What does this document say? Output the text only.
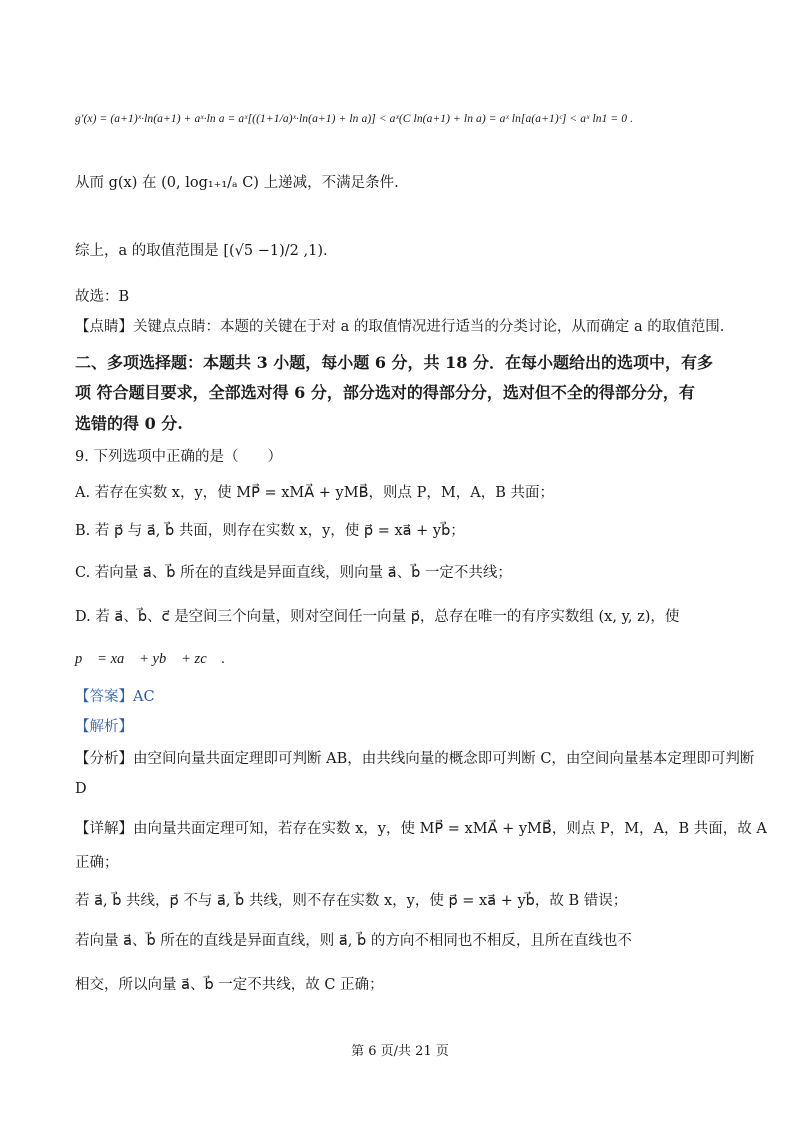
g′(x) = (a+1)ˣ·ln(a+1) + aˣ·ln a = aˣ[((1+1/a)ˣ·ln(a+1) + ln a)] < aˣ(C ln(a+1) + ln a) = aˣ ln[a(a+1)ᶜ] < aˣ ln1 = 0 .
从而 g(x) 在 (0, log₁₊₁/ₐ C) 上递减，不满足条件.
综上，a 的取值范围是 [(√5 −1)/2 ,1).
故选：B
【点睛】关键点点睛：本题的关键在于对 a 的取值情况进行适当的分类讨论，从而确定 a 的取值范围.
二、多项选择题：本题共 3 小题，每小题 6 分，共 18 分．在每小题给出的选项中，有多
项 符合题目要求，全部选对得 6 分，部分选对的得部分分，选对但不全的得部分分，有
选错的得 0 分.
9. 下列选项中正确的是（　　）
A. 若存在实数 x，y，使 MP⃗ = xMA⃗ + yMB⃗，则点 P，M，A，B 共面；
B. 若 p⃗ 与 a⃗, b⃗ 共面，则存在实数 x，y，使 p⃗ = xa⃗ + yb⃗；
C. 若向量 a⃗、b⃗ 所在的直线是异面直线，则向量 a⃗、b⃗ 一定不共线；
D. 若 a⃗、b⃗、c⃗ 是空间三个向量，则对空间任一向量 p⃗，总存在唯一的有序实数组 (x, y, z)，使
p⃗ = xa⃗ + yb⃗ + zc⃗ .
【答案】AC
【解析】
【分析】由空间向量共面定理即可判断 AB，由共线向量的概念即可判断 C，由空间向量基本定理即可判断
D
【详解】由向量共面定理可知，若存在实数 x，y，使 MP⃗ = xMA⃗ + yMB⃗，则点 P，M，A，B 共面，故 A
正确；
若 a⃗, b⃗ 共线，p⃗ 不与 a⃗, b⃗ 共线，则不存在实数 x，y，使 p⃗ = xa⃗ + yb⃗，故 B 错误；
若向量 a⃗、b⃗ 所在的直线是异面直线，则 a⃗, b⃗ 的方向不相同也不相反，且所在直线也不
相交，所以向量 a⃗、b⃗ 一定不共线，故 C 正确；
第 6 页/共 21 页
